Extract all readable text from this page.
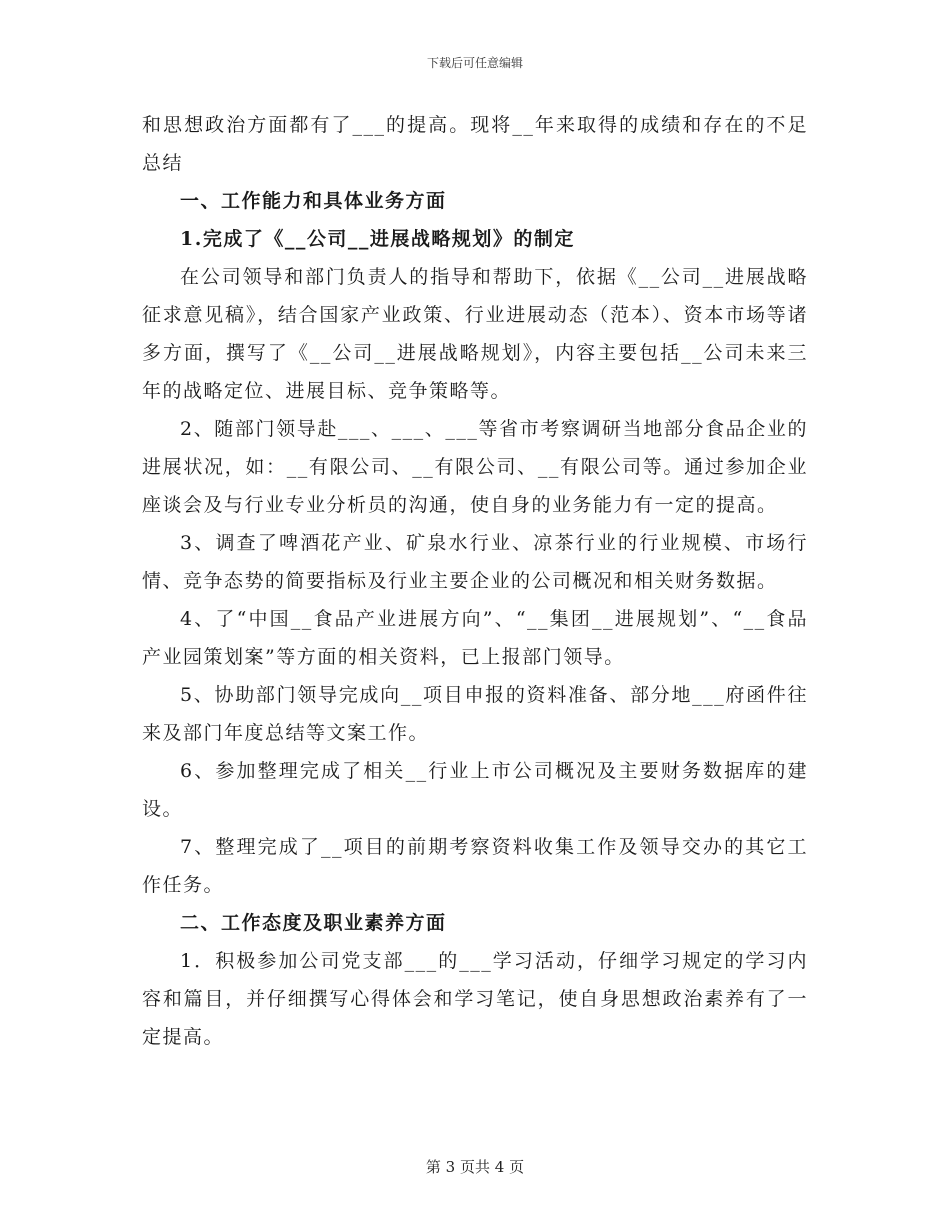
下载后可任意编辑

和思想政治方面都有了___的提高。现将__年来取得的成绩和存在的不足总结

一、工作能力和具体业务方面

1.完成了《__公司__进展战略规划》的制定

在公司领导和部门负责人的指导和帮助下，依据《__公司__进展战略征求意见稿》，结合国家产业政策、行业进展动态（范本）、资本市场等诸多方面，撰写了《__公司__进展战略规划》，内容主要包括__公司未来三年的战略定位、进展目标、竞争策略等。

2、随部门领导赴___、___、___等省市考察调研当地部分食品企业的进展状况，如：__有限公司、__有限公司、__有限公司等。通过参加企业座谈会及与行业专业分析员的沟通，使自身的业务能力有一定的提高。

3、调查了啤酒花产业、矿泉水行业、凉茶行业的行业规模、市场行情、竞争态势的简要指标及行业主要企业的公司概况和相关财务数据。

4、了“中国__食品产业进展方向”、“__集团__进展规划”、“__食品产业园策划案”等方面的相关资料，已上报部门领导。

5、协助部门领导完成向__项目申报的资料准备、部分地___府函件往来及部门年度总结等文案工作。

6、参加整理完成了相关__行业上市公司概况及主要财务数据库的建设。

7、整理完成了__项目的前期考察资料收集工作及领导交办的其它工作任务。

二、工作态度及职业素养方面

1．积极参加公司党支部___的___学习活动，仔细学习规定的学习内容和篇目，并仔细撰写心得体会和学习笔记，使自身思想政治素养有了一定提高。

第 3 页共 4 页
